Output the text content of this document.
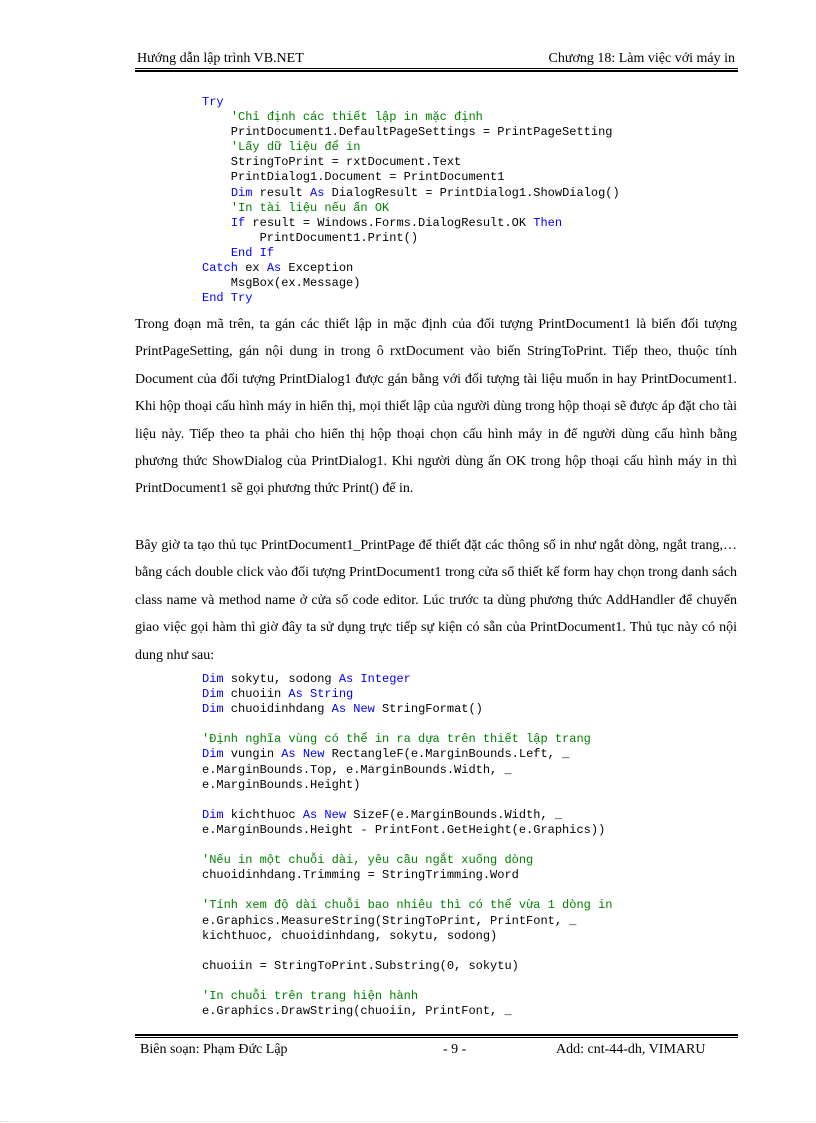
Hướng dẫn lập trình VB.NET	Chương 18: Làm việc với máy in
Try
'Chỉ định các thiết lập in mặc định
PrintDocument1.DefaultPageSettings = PrintPageSetting
'Lấy dữ liệu để in
StringToPrint = rxtDocument.Text
PrintDialog1.Document = PrintDocument1
Dim result As DialogResult = PrintDialog1.ShowDialog()
'In tài liệu nếu ấn OK
If result = Windows.Forms.DialogResult.OK Then
PrintDocument1.Print()
End If
Catch ex As Exception
MsgBox(ex.Message)
End Try

Trong đoạn mã trên, ta gán các thiết lập in mặc định của đối tượng PrintDocument1 là biến đối tượng PrintPageSetting, gán nội dung in trong ô rxtDocument vào biến StringToPrint. Tiếp theo, thuộc tính Document của đối tượng PrintDialog1 được gán bằng với đối tượng tài liệu muốn in hay PrintDocument1. Khi hộp thoại cấu hình máy in hiển thị, mọi thiết lập của người dùng trong hộp thoại sẽ được áp đặt cho tài liệu này. Tiếp theo ta phải cho hiển thị hộp thoại chọn cấu hình máy in để người dùng cấu hình bằng phương thức ShowDialog của PrintDialog1. Khi người dùng ấn OK trong hộp thoại cấu hình máy in thì PrintDocument1 sẽ gọi phương thức Print() để in.

Bây giờ ta tạo thủ tục PrintDocument1_PrintPage để thiết đặt các thông số in như ngắt dòng, ngắt trang,…bằng cách double click vào đối tượng PrintDocument1 trong cửa sổ thiết kế form hay chọn trong danh sách class name và method name ở cửa sổ code editor. Lúc trước ta dùng phương thức AddHandler để chuyển giao việc gọi hàm thì giờ đây ta sử dụng trực tiếp sự kiện có sẵn của PrintDocument1. Thủ tục này có nội dung như sau:

Dim sokytu, sodong As Integer
Dim chuoiin As String
Dim chuoidinhdang As New StringFormat()

'Định nghĩa vùng có thể in ra dựa trên thiết lập trang
Dim vungin As New RectangleF(e.MarginBounds.Left, _
e.MarginBounds.Top, e.MarginBounds.Width, _
e.MarginBounds.Height)

Dim kichthuoc As New SizeF(e.MarginBounds.Width, _
e.MarginBounds.Height - PrintFont.GetHeight(e.Graphics))

'Nếu in một chuỗi dài, yêu cầu ngắt xuống dòng
chuoidinhdang.Trimming = StringTrimming.Word

'Tính xem độ dài chuỗi bao nhiêu thì có thể vừa 1 dòng in
e.Graphics.MeasureString(StringToPrint, PrintFont, _
kichthuoc, chuoidinhdang, sokytu, sodong)

chuoiin = StringToPrint.Substring(0, sokytu)

'In chuỗi trên trang hiện hành
e.Graphics.DrawString(chuoiin, PrintFont, _

Biên soạn: Phạm Đức Lập	- 9 -	Add: cnt-44-dh, VIMARU
